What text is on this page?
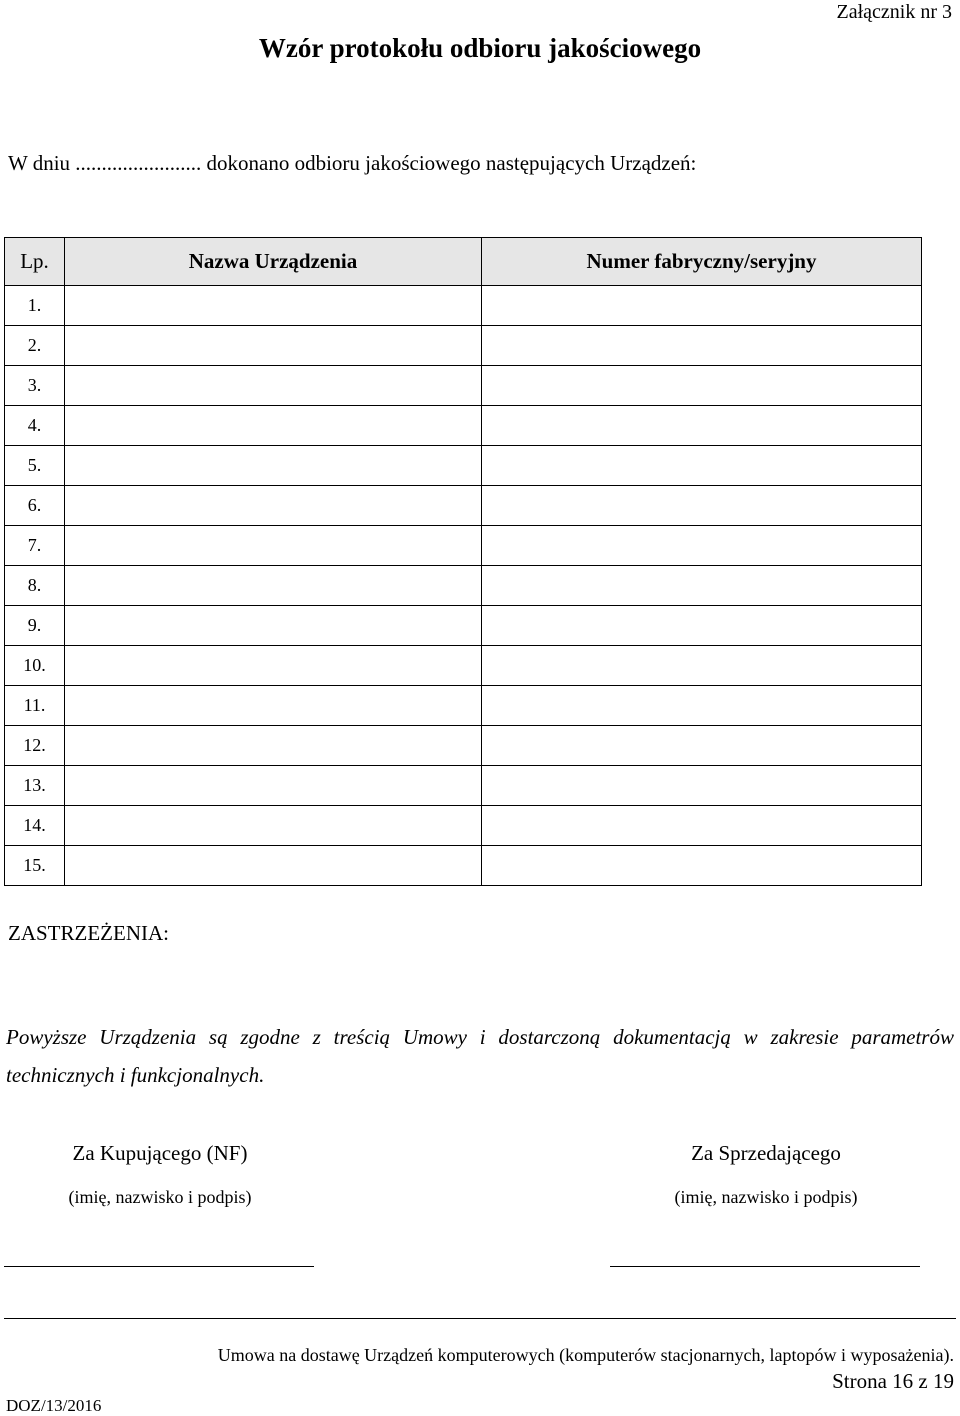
Załącznik nr 3
Wzór protokołu odbioru jakościowego
W dniu ........................ dokonano odbioru jakościowego następujących Urządzeń:
Lp.	Nazwa Urządzenia	Numer fabryczny/seryjny
1.		
2.		
3.		
4.		
5.		
6.		
7.		
8.		
9.		
10.		
11.		
12.		
13.		
14.		
15.		
ZASTRZEŻENIA:
Powyższe Urządzenia są zgodne z treścią Umowy i dostarczoną dokumentacją w zakresie parametrów technicznych i funkcjonalnych.
Za Kupującego (NF)
(imię, nazwisko i podpis)
Za Sprzedającego
(imię, nazwisko i podpis)
Umowa na dostawę Urządzeń komputerowych (komputerów stacjonarnych, laptopów i wyposażenia).
Strona 16 z 19
DOZ/13/2016
